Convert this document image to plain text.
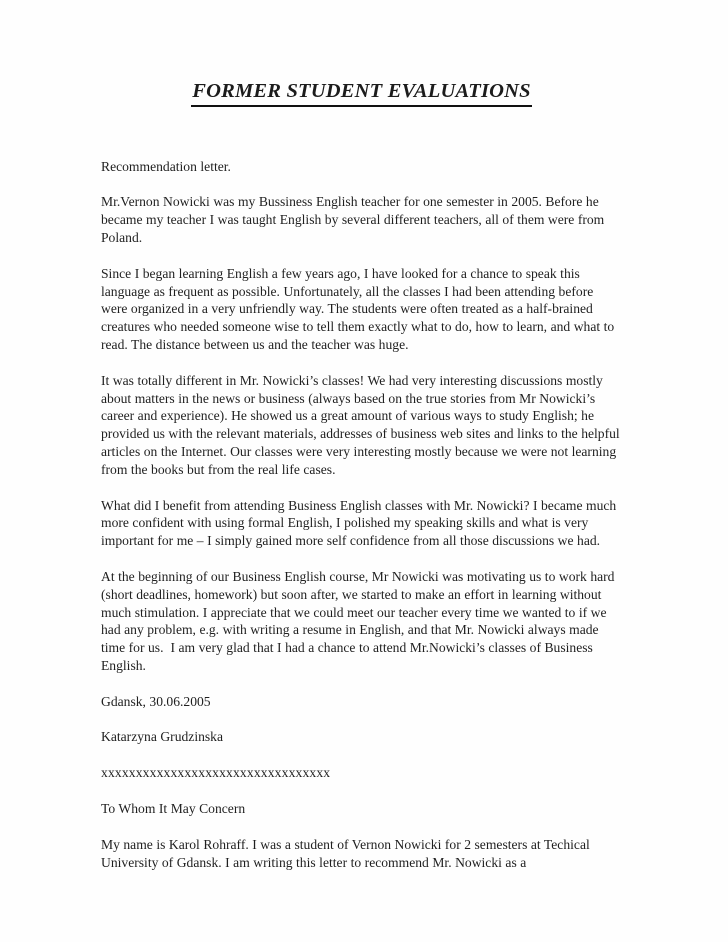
FORMER STUDENT EVALUATIONS

Recommendation letter.

Mr.Vernon Nowicki was my Bussiness English teacher for one semester in 2005. Before he became my teacher I was taught English by several different teachers, all of them were from Poland.

Since I began learning English a few years ago, I have looked for a chance to speak this language as frequent as possible. Unfortunately, all the classes I had been attending before were organized in a very unfriendly way. The students were often treated as a half-brained creatures who needed someone wise to tell them exactly what to do, how to learn, and what to read. The distance between us and the teacher was huge.

It was totally different in Mr. Nowicki’s classes! We had very interesting discussions mostly about matters in the news or business (always based on the true stories from Mr Nowicki’s career and experience). He showed us a great amount of various ways to study English; he provided us with the relevant materials, addresses of business web sites and links to the helpful articles on the Internet. Our classes were very interesting mostly because we were not learning from the books but from the real life cases.

What did I benefit from attending Business English classes with Mr. Nowicki? I became much more confident with using formal English, I polished my speaking skills and what is very important for me – I simply gained more self confidence from all those discussions we had.

At the beginning of our Business English course, Mr Nowicki was motivating us to work hard (short deadlines, homework) but soon after, we started to make an effort in learning without much stimulation. I appreciate that we could meet our teacher every time we wanted to if we had any problem, e.g. with writing a resume in English, and that Mr. Nowicki always made time for us.  I am very glad that I had a chance to attend Mr.Nowicki’s classes of Business English.

Gdansk, 30.06.2005

Katarzyna Grudzinska

xxxxxxxxxxxxxxxxxxxxxxxxxxxxxxxxx

To Whom It May Concern

My name is Karol Rohraff. I was a student of Vernon Nowicki for 2 semesters at Techical University of Gdansk. I am writing this letter to recommend Mr. Nowicki as a
